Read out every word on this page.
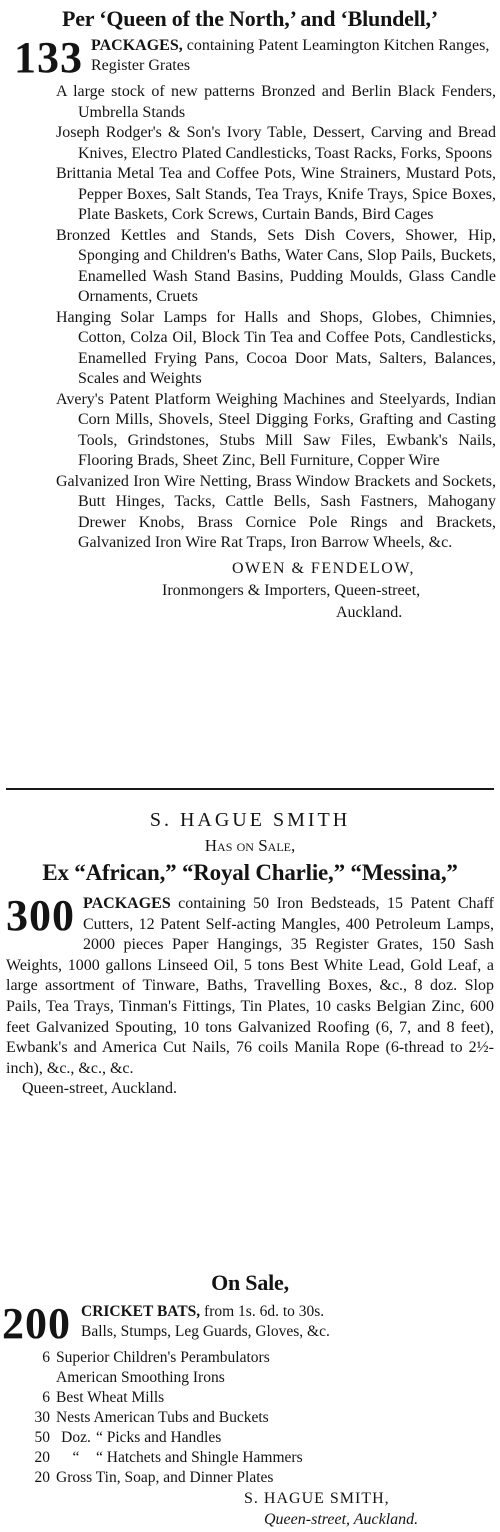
Per ‘Queen of the North,’ and ‘Blundell,’
133 PACKAGES, containing Patent Leamington Kitchen Ranges, Register Grates

A large stock of new patterns Bronzed and Berlin Black Fenders, Umbrella Stands

Joseph Rodger's & Son's Ivory Table, Dessert, Carving and Bread Knives, Electro Plated Candlesticks, Toast Racks, Forks, Spoons

Brittania Metal Tea and Coffee Pots, Wine Strainers, Mustard Pots, Pepper Boxes, Salt Stands, Tea Trays, Knife Trays, Spice Boxes, Plate Baskets, Cork Screws, Curtain Bands, Bird Cages

Bronzed Kettles and Stands, Sets Dish Covers, Shower, Hip, Sponging and Children's Baths, Water Cans, Slop Pails, Buckets, Enamelled Wash Stand Basins, Pudding Moulds, Glass Candle Ornaments, Cruets

Hanging Solar Lamps for Halls and Shops, Globes, Chimnies, Cotton, Colza Oil, Block Tin Tea and Coffee Pots, Candlesticks, Enamelled Frying Pans, Cocoa Door Mats, Salters, Balances, Scales and Weights

Avery's Patent Platform Weighing Machines and Steelyards, Indian Corn Mills, Shovels, Steel Digging Forks, Grafting and Casting Tools, Grindstones, Stubs Mill Saw Files, Ewbank's Nails, Flooring Brads, Sheet Zinc, Bell Furniture, Copper Wire

Galvanized Iron Wire Netting, Brass Window Brackets and Sockets, Butt Hinges, Tacks, Cattle Bells, Sash Fastners, Mahogany Drewer Knobs, Brass Cornice Pole Rings and Brackets, Galvanized Iron Wire Rat Traps, Iron Barrow Wheels, &c.

OWEN & FENDELOW,
Ironmongers & Importers, Queen-street,
Auckland.
S. HAGUE SMITH
Has on Sale,
Ex “African,” “Royal Charlie,” “Messina,”
300 PACKAGES containing 50 Iron Bedsteads, 15 Patent Chaff Cutters, 12 Patent Self-acting Mangles, 400 Petroleum Lamps, 2000 pieces Paper Hangings, 35 Register Grates, 150 Sash Weights, 1000 gallons Linseed Oil, 5 tons Best White Lead, Gold Leaf, a large assortment of Tinware, Baths, Travelling Boxes, &c., 8 doz. Slop Pails, Tea Trays, Tinman's Fittings, Tin Plates, 10 casks Belgian Zinc, 600 feet Galvanized Spouting, 10 tons Galvanized Roofing (6, 7, and 8 feet), Ewbank's and America Cut Nails, 76 coils Manila Rope (6-thread to 2½-inch), &c., &c., &c.

Queen-street, Auckland.
On Sale,
200 CRICKET BATS, from 1s. 6d. to 30s.
Balls, Stumps, Leg Guards, Gloves, &c.
6 Superior Children's Perambulators
American Smoothing Irons
6 Best Wheat Mills
30 Nests American Tubs and Buckets
50 Doz. “ Picks and Handles
20 “ “ Hatchets and Shingle Hammers
20 Gross Tin, Soap, and Dinner Plates
S. HAGUE SMITH,
Queen-street, Auckland.
